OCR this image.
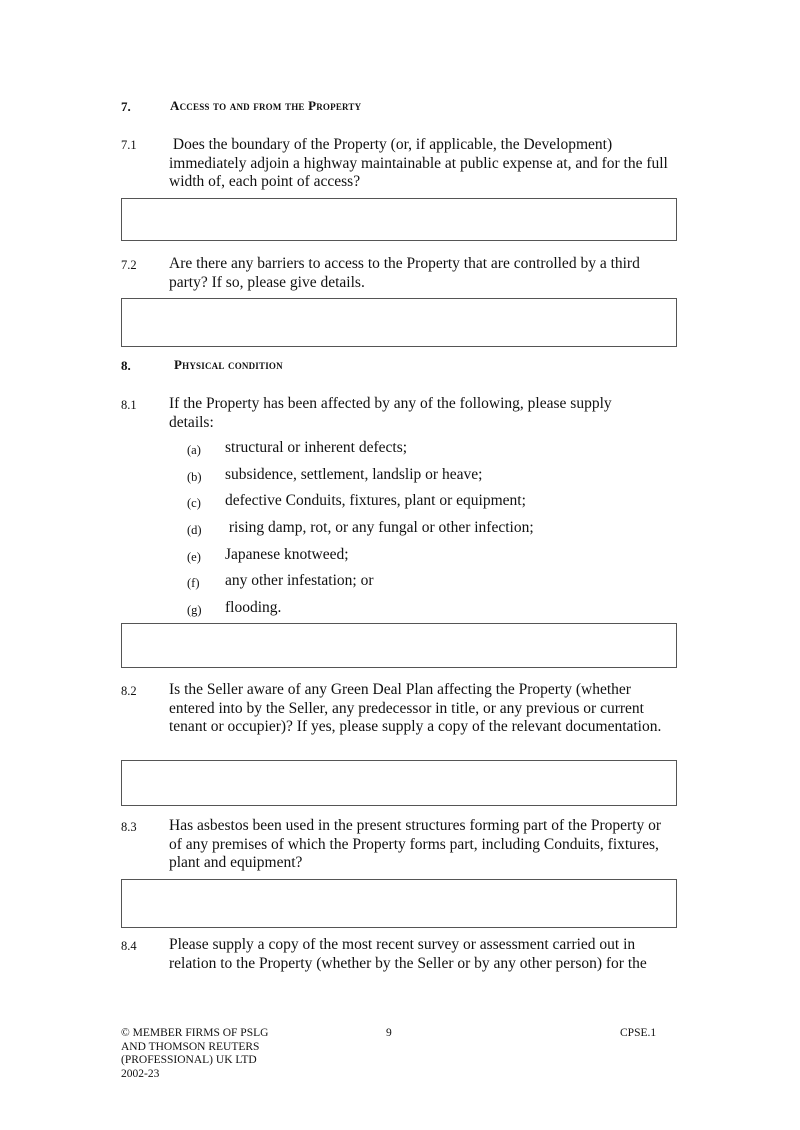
7.	Access to and from the Property
7.1 Does the boundary of the Property (or, if applicable, the Development) immediately adjoin a highway maintainable at public expense at, and for the full width of, each point of access?
7.2 Are there any barriers to access to the Property that are controlled by a third party? If so, please give details.
8.	Physical condition
8.1 If the Property has been affected by any of the following, please supply details:
(a) structural or inherent defects;
(b) subsidence, settlement, landslip or heave;
(c) defective Conduits, fixtures, plant or equipment;
(d) rising damp, rot, or any fungal or other infection;
(e) Japanese knotweed;
(f) any other infestation; or
(g) flooding.
8.2 Is the Seller aware of any Green Deal Plan affecting the Property (whether entered into by the Seller, any predecessor in title, or any previous or current tenant or occupier)? If yes, please supply a copy of the relevant documentation.
8.3 Has asbestos been used in the present structures forming part of the Property or of any premises of which the Property forms part, including Conduits, fixtures, plant and equipment?
8.4 Please supply a copy of the most recent survey or assessment carried out in relation to the Property (whether by the Seller or by any other person) for the
© MEMBER FIRMS OF PSLG AND THOMSON REUTERS (PROFESSIONAL) UK LTD 2002-23
9	CPSE.1
